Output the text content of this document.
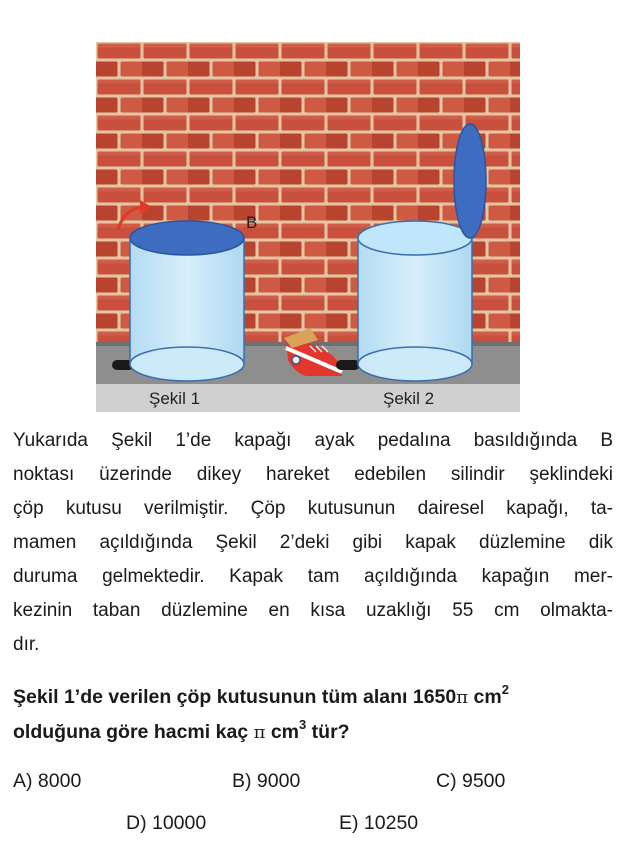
B
Şekil 1	Şekil 2

Yukarıda Şekil 1’de kapağı ayak pedalına basıldığında B
noktası üzerinde dikey hareket edebilen silindir şeklindeki
çöp kutusu verilmiştir. Çöp kutusunun dairesel kapağı, ta-
mamen açıldığında Şekil 2’deki gibi kapak düzlemine dik
duruma gelmektedir. Kapak tam açıldığında kapağın mer-
kezinin taban düzlemine en kısa uzaklığı 55 cm olmakta-
dır.

Şekil 1’de verilen çöp kutusunun tüm alanı 1650π $cm^2$
olduğuna göre hacmi kaç π $cm^3$ tür?

A) 8000	B) 9000	C) 9500
D) 10000	E) 10250
